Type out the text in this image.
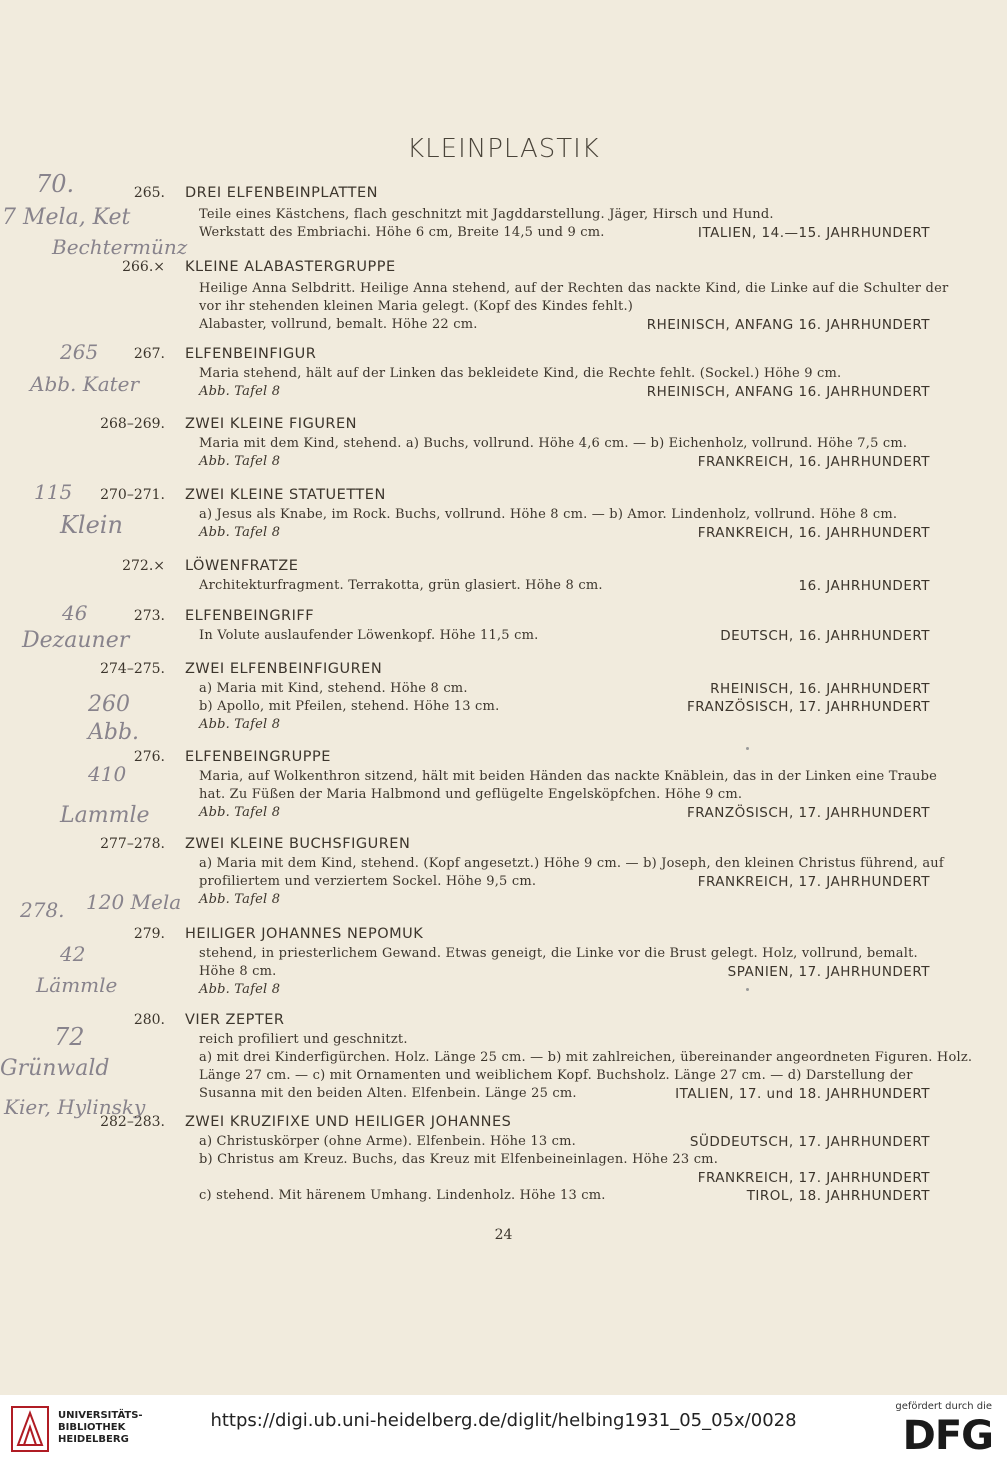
KLEINPLASTIK
265. DREI ELFENBEINPLATTEN
Teile eines Kästchens, flach geschnitzt mit Jagddarstellung. Jäger, Hirsch und Hund.
Werkstatt des Embriachi. Höhe 6 cm, Breite 14,5 und 9 cm.	ITALIEN, 14.—15. JAHRHUNDERT
266.× KLEINE ALABASTERGRUPPE
Heilige Anna Selbdritt. Heilige Anna stehend, auf der Rechten das nackte Kind, die Linke auf die Schulter der
vor ihr stehenden kleinen Maria gelegt. (Kopf des Kindes fehlt.)
Alabaster, vollrund, bemalt. Höhe 22 cm.	RHEINISCH, ANFANG 16. JAHRHUNDERT
267. ELFENBEINFIGUR
Maria stehend, hält auf der Linken das bekleidete Kind, die Rechte fehlt. (Sockel.) Höhe 9 cm.
Abb. Tafel 8	RHEINISCH, ANFANG 16. JAHRHUNDERT
268–269. ZWEI KLEINE FIGUREN
Maria mit dem Kind, stehend. a) Buchs, vollrund. Höhe 4,6 cm. — b) Eichenholz, vollrund. Höhe 7,5 cm.
Abb. Tafel 8	FRANKREICH, 16. JAHRHUNDERT
270–271. ZWEI KLEINE STATUETTEN
a) Jesus als Knabe, im Rock. Buchs, vollrund. Höhe 8 cm. — b) Amor. Lindenholz, vollrund. Höhe 8 cm.
Abb. Tafel 8	FRANKREICH, 16. JAHRHUNDERT
272.× LÖWENFRATZE
Architekturfragment. Terrakotta, grün glasiert. Höhe 8 cm.	16. JAHRHUNDERT
273. ELFENBEINGRIFF
In Volute auslaufender Löwenkopf. Höhe 11,5 cm.	DEUTSCH, 16. JAHRHUNDERT
274–275. ZWEI ELFENBEINFIGUREN
a) Maria mit Kind, stehend. Höhe 8 cm.	RHEINISCH, 16. JAHRHUNDERT
b) Apollo, mit Pfeilen, stehend. Höhe 13 cm.	FRANZÖSISCH, 17. JAHRHUNDERT
Abb. Tafel 8
276. ELFENBEINGRUPPE
Maria, auf Wolkenthron sitzend, hält mit beiden Händen das nackte Knäblein, das in der Linken eine Traube
hat. Zu Füßen der Maria Halbmond und geflügelte Engelsköpfchen. Höhe 9 cm.
Abb. Tafel 8	FRANZÖSISCH, 17. JAHRHUNDERT
277–278. ZWEI KLEINE BUCHSFIGUREN
a) Maria mit dem Kind, stehend. (Kopf angesetzt.) Höhe 9 cm. — b) Joseph, den kleinen Christus führend, auf
profiliertem und verziertem Sockel. Höhe 9,5 cm.	FRANKREICH, 17. JAHRHUNDERT
Abb. Tafel 8
279. HEILIGER JOHANNES NEPOMUK
stehend, in priesterlichem Gewand. Etwas geneigt, die Linke vor die Brust gelegt. Holz, vollrund, bemalt.
Höhe 8 cm.	SPANIEN, 17. JAHRHUNDERT
Abb. Tafel 8
280. VIER ZEPTER
reich profiliert und geschnitzt.
a) mit drei Kinderfigürchen. Holz. Länge 25 cm. — b) mit zahlreichen, übereinander angeordneten Figuren. Holz.
Länge 27 cm. — c) mit Ornamenten und weiblichem Kopf. Buchsholz. Länge 27 cm. — d) Darstellung der
Susanna mit den beiden Alten. Elfenbein. Länge 25 cm.	ITALIEN, 17. und 18. JAHRHUNDERT
282–283. ZWEI KRUZIFIXE UND HEILIGER JOHANNES
a) Christuskörper (ohne Arme). Elfenbein. Höhe 13 cm.	SÜDDEUTSCH, 17. JAHRHUNDERT
b) Christus am Kreuz. Buchs, das Kreuz mit Elfenbeineinlagen. Höhe 23 cm.
FRANKREICH, 17. JAHRHUNDERT
c) stehend. Mit härenem Umhang. Lindenholz. Höhe 13 cm.	TIROL, 18. JAHRHUNDERT
70.
7 Mela, Ket
Bechtermünz
265
Abb. Kater
115
Klein
46
Dezauner
260
Abb.
410
Lammle
278. 120 Mela
42
Lämmle
72
Grünwald
Kier, Hylinsky
24
UNIVERSITÄTS-
BIBLIOTHEK
HEIDELBERG
https://digi.ub.uni-heidelberg.de/diglit/helbing1931_05_05x/0028
gefördert durch die
DFG
